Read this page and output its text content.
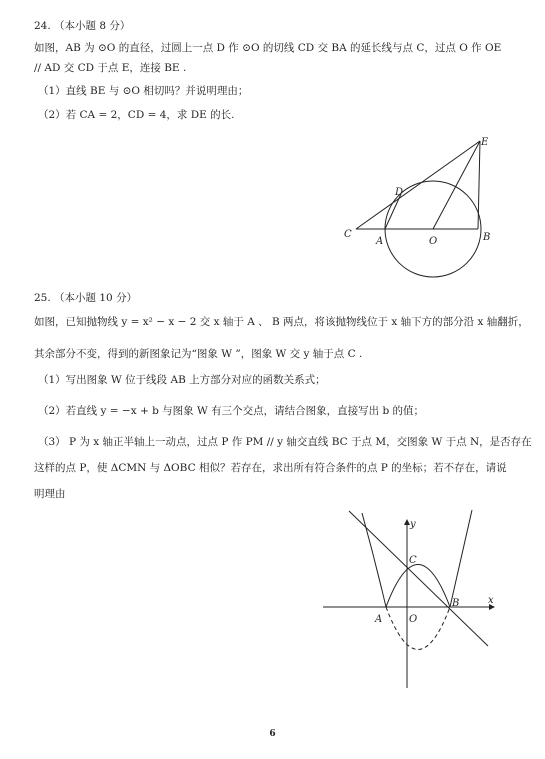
24. （本小题 8 分）
如图，AB 为 ⊙O 的直径，过圆上一点 D 作 ⊙O 的切线 CD 交 BA 的延长线与点 C，过点 O 作 OE
// AD 交 CD 于点 E，连接 BE .
（1）直线 BE 与 ⊙O 相切吗？并说明理由；
（2）若 CA = 2，CD = 4，求 DE 的长.
E
D
C
A	O	B
25. （本小题 10 分）
如图，已知抛物线 y = x² − x − 2 交 x 轴于 A 、 B 两点，将该抛物线位于 x 轴下方的部分沿 x 轴翻折，
其余部分不变，得到的新图象记为“图象 W ”，图象 W 交 y 轴于点 C .
（1）写出图象 W 位于线段 AB 上方部分对应的函数关系式；
（2）若直线 y = −x + b 与图象 W 有三个交点，请结合图象，直接写出 b 的值；
（3） P 为 x 轴正半轴上一动点，过点 P 作 PM // y 轴交直线 BC 于点 M，交图象 W 于点 N，是否存在
这样的点 P，使 ΔCMN 与 ΔOBC 相似？若存在，求出所有符合条件的点 P 的坐标；若不存在，请说
明理由
y
x
C
A	O
B
6
